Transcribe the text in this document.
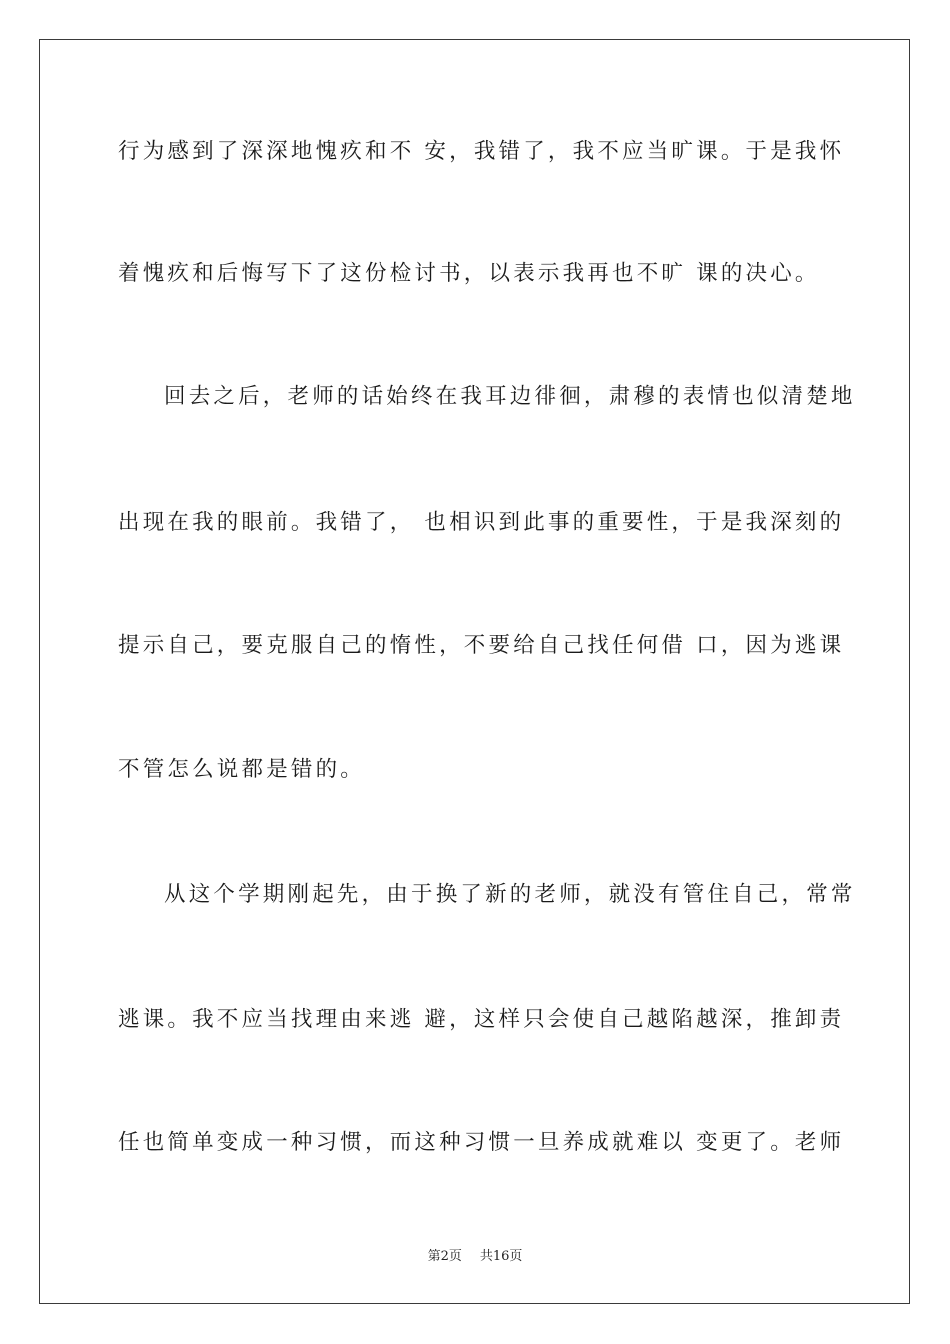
行为感到了深深地愧疚和不 安，我错了，我不应当旷课。于是我怀
着愧疚和后悔写下了这份检讨书，以表示我再也不旷 课的决心。
回去之后，老师的话始终在我耳边徘徊，肃穆的表情也似清楚地
出现在我的眼前。我错了， 也相识到此事的重要性，于是我深刻的
提示自己，要克服自己的惰性，不要给自己找任何借 口，因为逃课
不管怎么说都是错的。
从这个学期刚起先，由于换了新的老师，就没有管住自己，常常
逃课。我不应当找理由来逃 避，这样只会使自己越陷越深，推卸责
任也简单变成一种习惯，而这种习惯一旦养成就难以 变更了。老师
第2页 共16页
